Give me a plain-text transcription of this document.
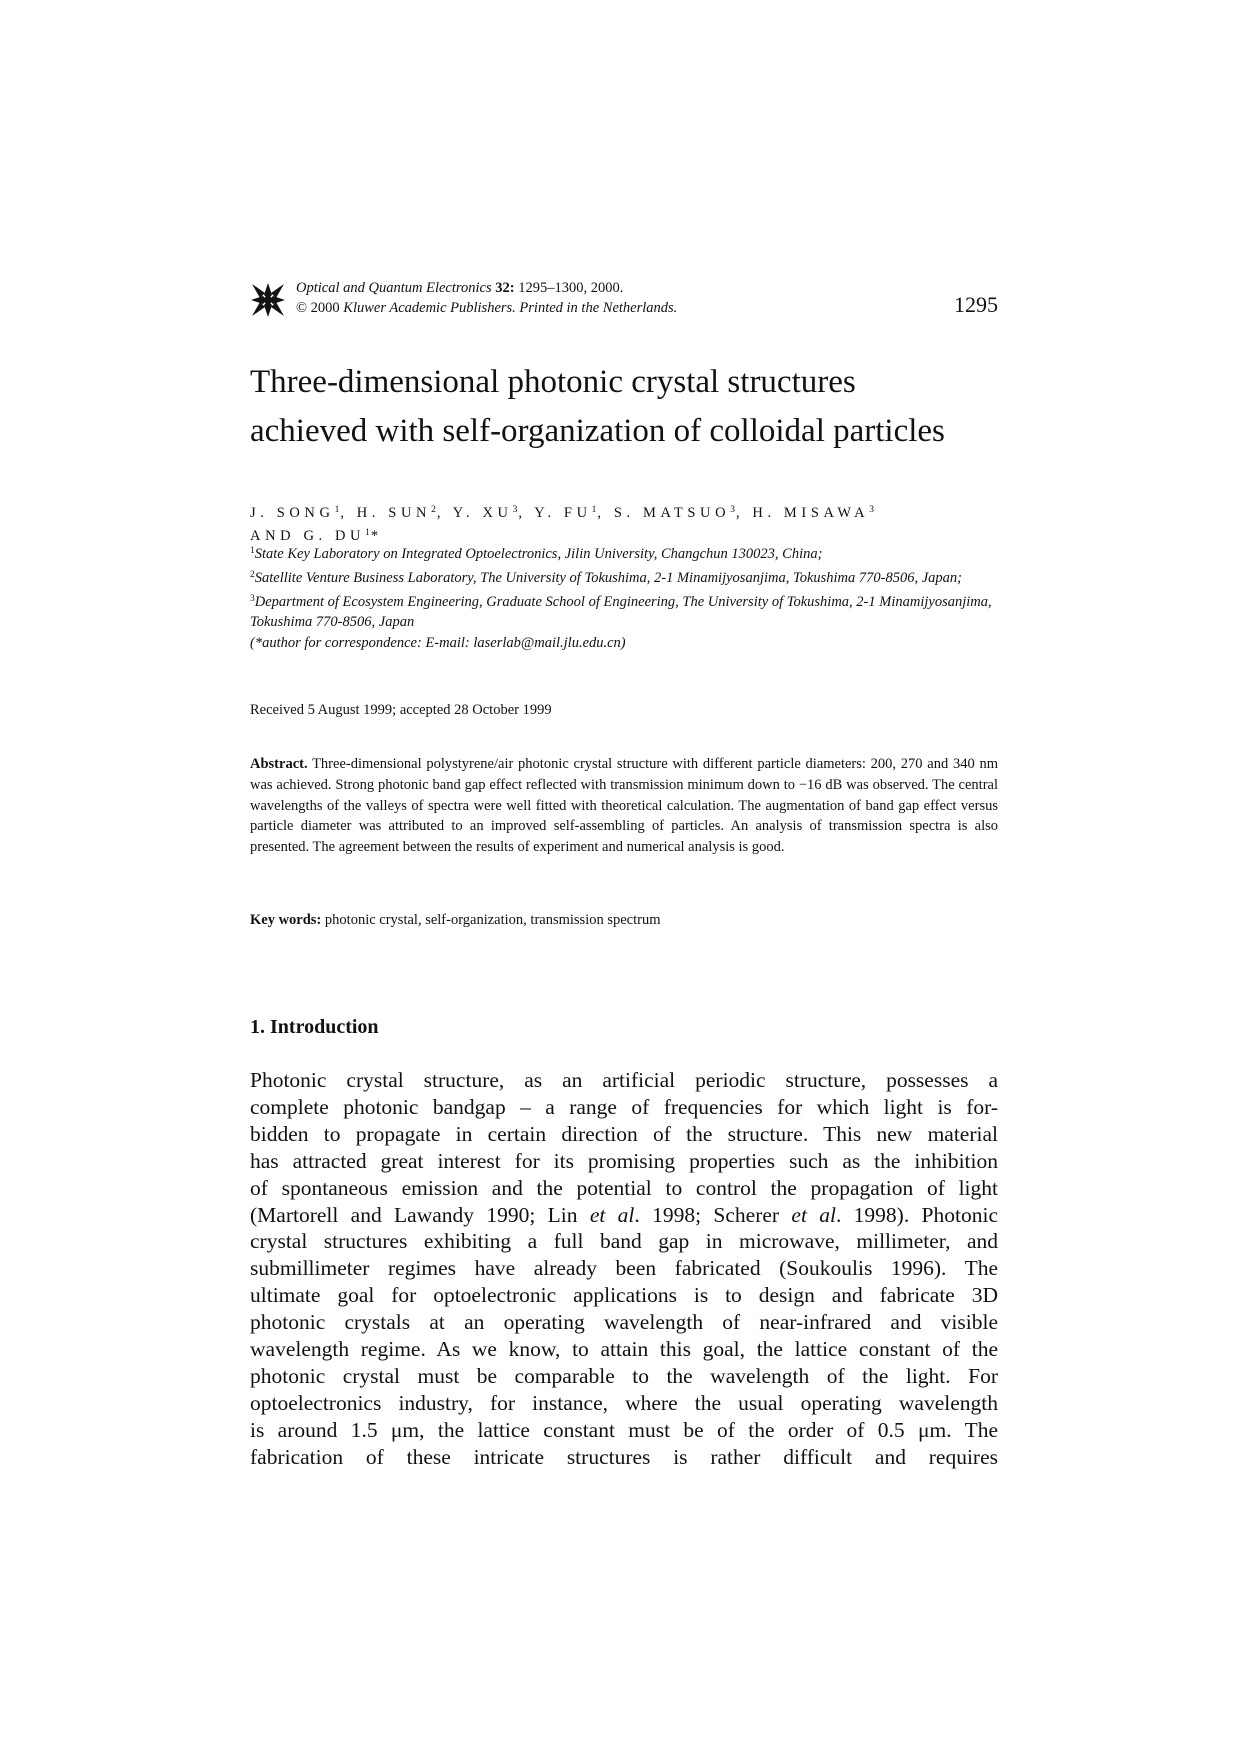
Optical and Quantum Electronics 32: 1295–1300, 2000.
© 2000 Kluwer Academic Publishers. Printed in the Netherlands.	1295
Three-dimensional photonic crystal structures
achieved with self-organization of colloidal particles
J. SONG$^1$, H. SUN$^2$, Y. $XU^3$, Y. $FU^1$, S. MATSUO$^3$, H. MISAWA$^3$
AND G. $DU^1*$

$^1$State Key Laboratory on Integrated Optoelectronics, Jilin University, Changchun 130023, China;

$^2$Satellite Venture Business Laboratory, The University of Tokushima, 2-1 Minamijyosanjima, Tokushima 770-8506, Japan;

$^3$Department of Ecosystem Engineering, Graduate School of Engineering, The University of Tokushima, 2-1 Minamijyosanjima, Tokushima 770-8506, Japan

(*author for correspondence: E-mail: laserlab@mail.jlu.edu.cn)

Received 5 August 1999; accepted 28 October 1999
Abstract. Three-dimensional polystyrene/air photonic crystal structure with different particle diameters: 200, 270 and 340 nm was achieved. Strong photonic band gap effect reflected with transmission minimum down to −16 dB was observed. The central wavelengths of the valleys of spectra were well fitted with theoretical calculation. The augmentation of band gap effect versus particle diameter was attributed to an improved self-assembling of particles. An analysis of transmission spectra is also presented. The agreement between the results of experiment and numerical analysis is good.
Key words: photonic crystal, self-organization, transmission spectrum
1. Introduction
Photonic crystal structure, as an artificial periodic structure, possesses a
complete photonic bandgap – a range of frequencies for which light is for-
bidden to propagate in certain direction of the structure. This new material
has attracted great interest for its promising properties such as the inhibition
of spontaneous emission and the potential to control the propagation of light
(Martorell and Lawandy 1990; Lin et al. 1998; Scherer et al. 1998). Photonic
crystal structures exhibiting a full band gap in microwave, millimeter, and
submillimeter regimes have already been fabricated (Soukoulis 1996). The
ultimate goal for optoelectronic applications is to design and fabricate 3D
photonic crystals at an operating wavelength of near-infrared and visible
wavelength regime. As we know, to attain this goal, the lattice constant of the
photonic crystal must be comparable to the wavelength of the light. For
optoelectronics industry, for instance, where the usual operating wavelength
is around 1.5 μm, the lattice constant must be of the order of 0.5 μm. The
fabrication of these intricate structures is rather difficult and requires
